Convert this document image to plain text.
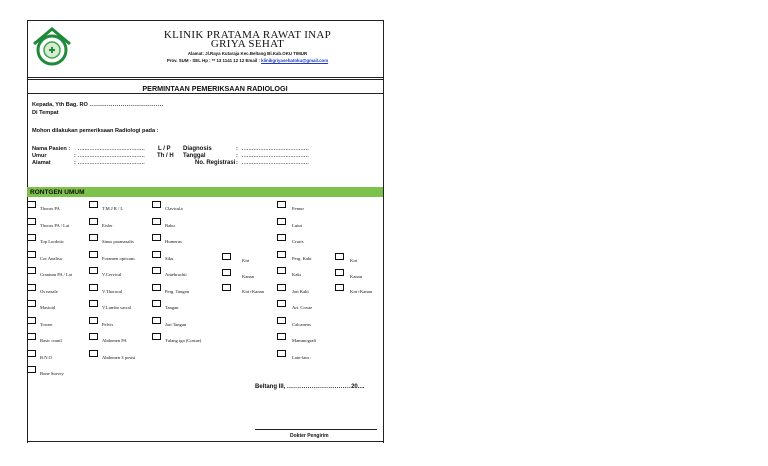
KLINIK PRATAMA RAWAT INAP
GRIYA SEHAT
Alamat: Jl.Raya Kutaraja Kec.Beltang Bl.Kab.OKU TIMUR
Prov. SUM - SEL Hp : ** 13 1141 12 12 Email : klinikgriyasehatoku@gmail.com
PERMINTAAN PEMERIKSAAN RADIOLOGI
Kepada, Yth Bag. RO ......................................
Di Tempat
Mohon dilakukan pemeriksaan Radiologi pada :
Nama Pasien :
Umur
Alamat
:
:
........................................
........................................
........................................
L / P
Th / H
Diagnosis
Tanggal
No. Registrasi
:
:
:
........................................
........................................
........................................
RONTGEN UMUM
Thorax PA
Thorax PA / Lat
Top Lordotic
Cor Analisa
Cranium PA / Lat
Os nasale
Mastoid
Towne
Basic cranil
B.N.O
Bone Survey
T.M.J R / L
Eisler
Sinus paranasalis
Foramen opticum
V.Cervical
V.Thoracal
V.Lumbo sacral
Pelvis
Abdomen PA
Abdomen 3 posisi
Clavicula
Bahu
Humerus
Siku
Antebrachii
Perg. Tangan
Tangan
Jari Tangan
Tulang iga (Costae)
Kiri
Kanan
Kiri+Kanan
Femur
Lutut
Cruris
Perg. Kaki
Kaki
Jari Kaki
Art. Coxae
Calcaneus
Mammografi
Lain-lain :
Kiri
Kanan
Kiri+Kanan
Beltang III, ...............................20....
Dokter Pengirim
